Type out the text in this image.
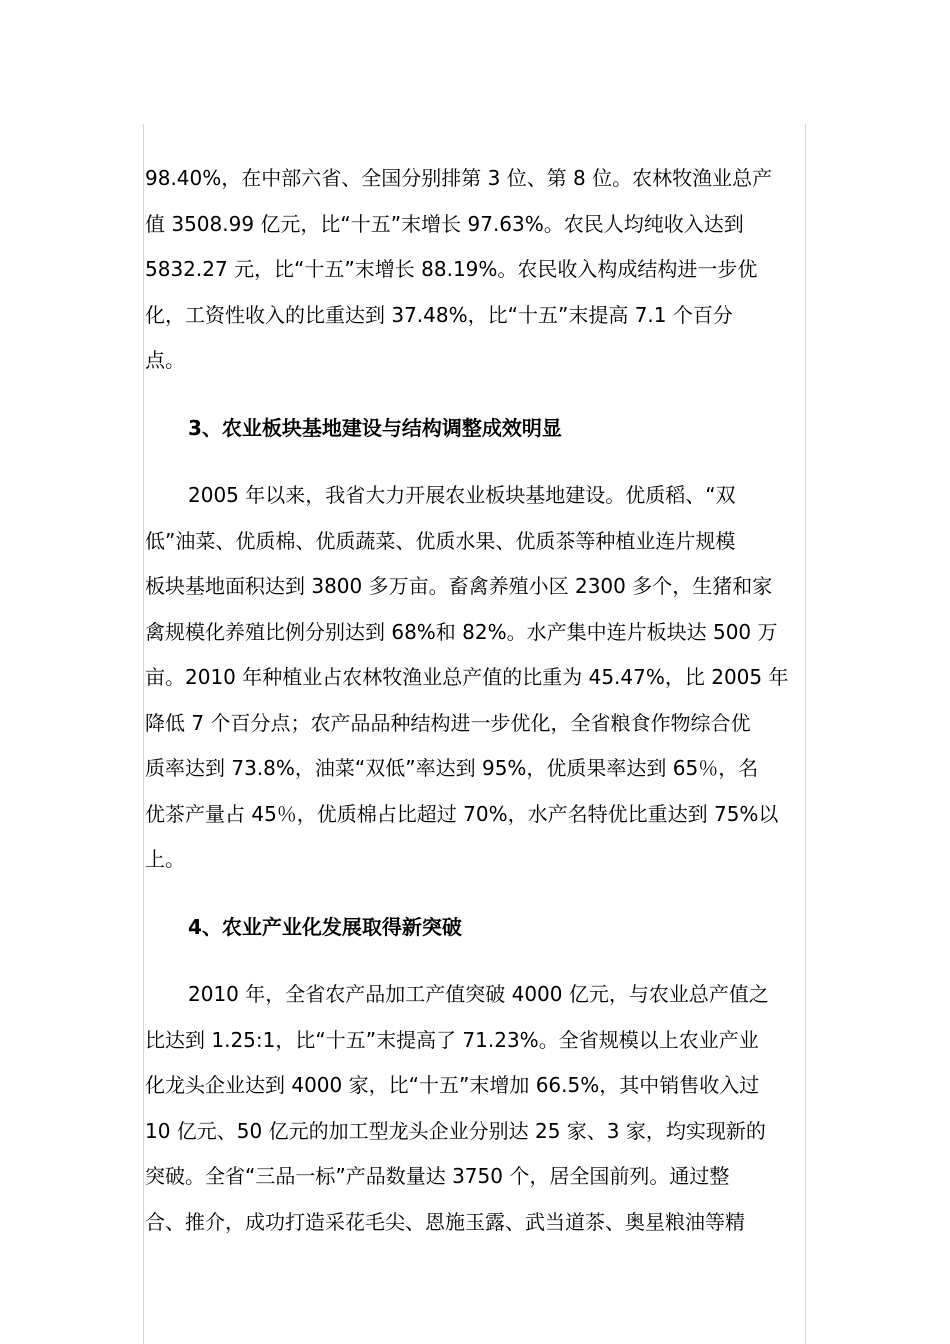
98.40%，在中部六省、全国分别排第 3 位、第 8 位。农林牧渔业总产
值 3508.99 亿元，比“十五”末增长 97.63%。农民人均纯收入达到
5832.27 元，比“十五”末增长 88.19%。农民收入构成结构进一步优
化，工资性收入的比重达到 37.48%，比“十五”末提高 7.1 个百分
点。
3、农业板块基地建设与结构调整成效明显
2005 年以来，我省大力开展农业板块基地建设。优质稻、“双
低”油菜、优质棉、优质蔬菜、优质水果、优质茶等种植业连片规模
板块基地面积达到 3800 多万亩。畜禽养殖小区 2300 多个，生猪和家
禽规模化养殖比例分别达到 68%和 82%。水产集中连片板块达 500 万
亩。2010 年种植业占农林牧渔业总产值的比重为 45.47%，比 2005 年
降低 7 个百分点；农产品品种结构进一步优化，全省粮食作物综合优
质率达到 73.8%，油菜“双低”率达到 95%，优质果率达到 65％，名
优茶产量占 45％，优质棉占比超过 70%，水产名特优比重达到 75%以
上。
4、农业产业化发展取得新突破
2010 年，全省农产品加工产值突破 4000 亿元，与农业总产值之
比达到 1.25:1，比“十五”末提高了 71.23%。全省规模以上农业产业
化龙头企业达到 4000 家，比“十五”末增加 66.5%，其中销售收入过
10 亿元、50 亿元的加工型龙头企业分别达 25 家、3 家，均实现新的
突破。全省“三品一标”产品数量达 3750 个，居全国前列。通过整
合、推介，成功打造采花毛尖、恩施玉露、武当道茶、奥星粮油等精
